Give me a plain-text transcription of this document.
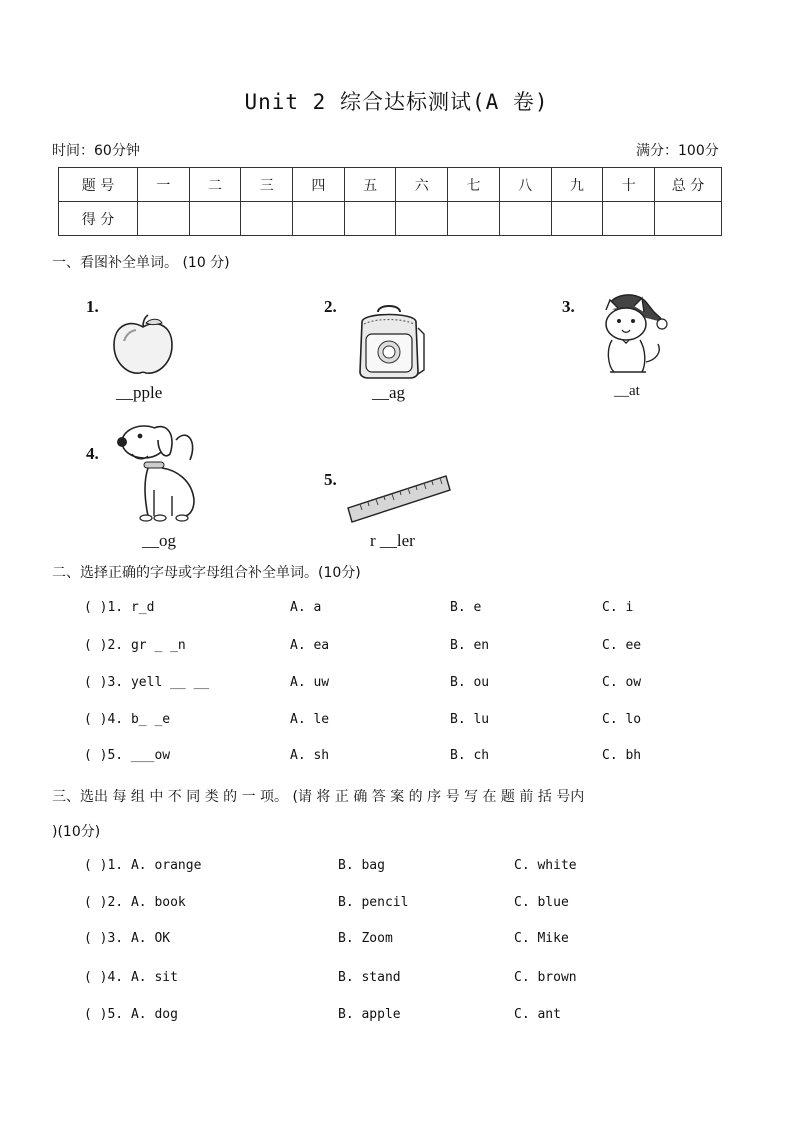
Unit 2 综合达标测试(A 卷)
时间：60分钟	满分：100分
题 号	一	二	三	四	五	六	七	八	九	十	总 分
得 分											
一、看图补全单词。 (10 分)
1.
__pple
2.
__ag
3.
__at
4.
__og
5.
r __ler
二、选择正确的字母或字母组合补全单词。(10分)
( )1. r_d	A. a	B. e	C. i
( )2. gr _ _n	A. ea	B. en	C. ee
( )3. yell __ __	A. uw	B. ou	C. ow
( )4. b_ _e	A. le	B. lu	C. lo
( )5. ___ow	A. sh	B. ch	C. bh
三、选出 每 组 中 不 同 类 的 一 项。 (请 将 正 确 答 案 的 序 号 写 在 题 前 括 号内
)(10分)
( )1. A. orange	B. bag	C. white
( )2. A. book	B. pencil	C. blue
( )3. A. OK	B. Zoom	C. Mike
( )4. A. sit	B. stand	C. brown
( )5. A. dog	B. apple	C. ant
